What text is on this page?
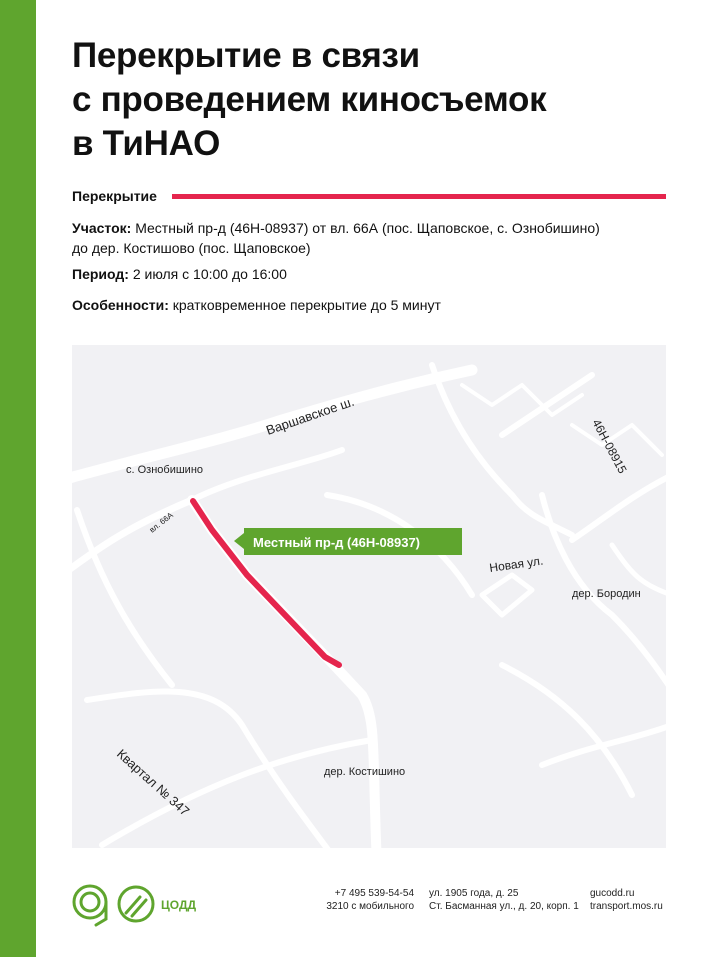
Перекрытие в связи
с проведением киносъемок
в ТиНАО
Перекрытие
Участок: Местный пр-д (46Н-08937) от вл. 66А (пос. Щаповское, с. Ознобишино)
до дер. Костишово (пос. Щаповское)
Период: 2 июля с 10:00 до 16:00
Особенности: кратковременное перекрытие до 5 минут
Варшавское ш.
с. Ознобишино
вл. 66А
46Н-08915
Новая ул.
дер. Бородин
дер. Костишино
Квартал № 347
Местный пр-д (46Н-08937)
ЦОДД
+7 495 539-54-54
3210 с мобильного
ул. 1905 года, д. 25
Ст. Басманная ул., д. 20, корп. 1
gucodd.ru
transport.mos.ru
